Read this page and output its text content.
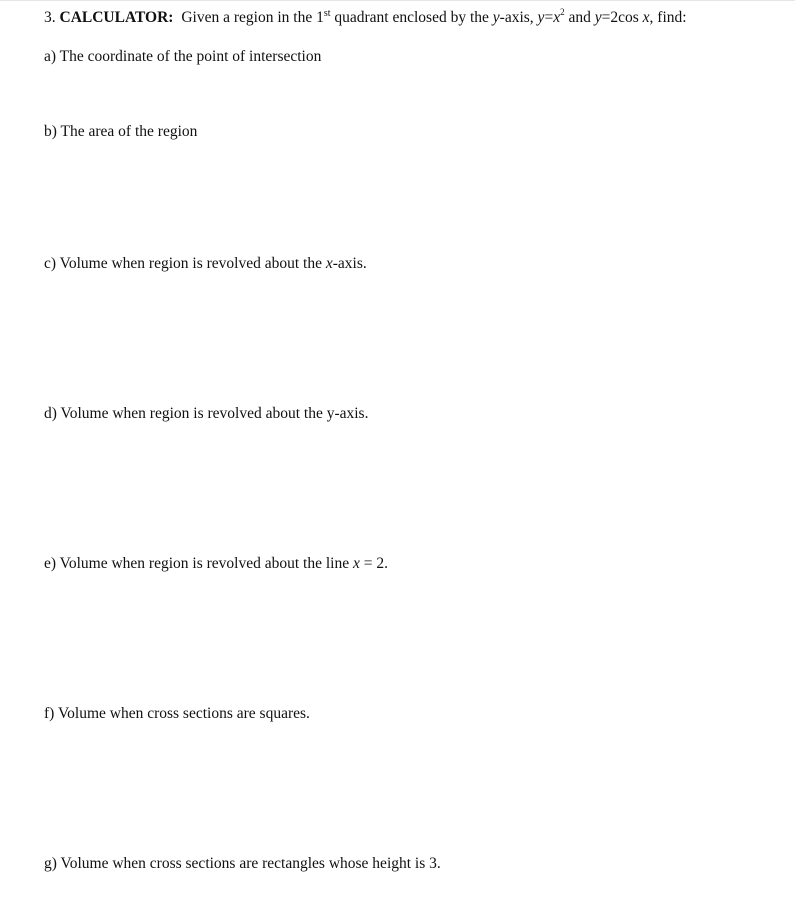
3. CALCULATOR: Given a region in the 1st quadrant enclosed by the y-axis, $y=x^2$ and y=2cos x, find:
a) The coordinate of the point of intersection
b) The area of the region
c) Volume when region is revolved about the x-axis.
d) Volume when region is revolved about the y-axis.
e) Volume when region is revolved about the line x = 2.
f) Volume when cross sections are squares.
g) Volume when cross sections are rectangles whose height is 3.
